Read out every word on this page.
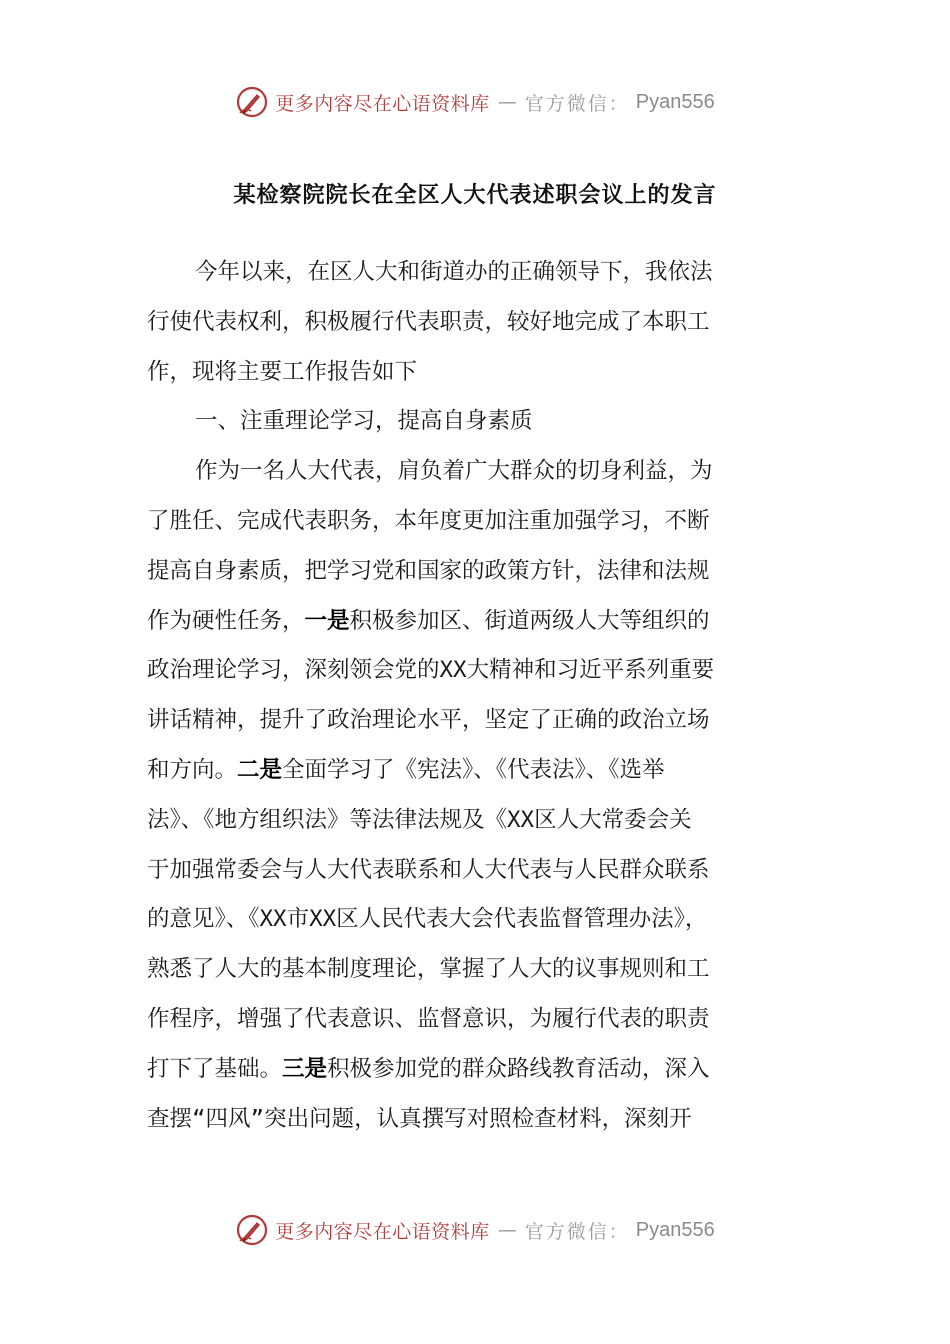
更多内容尽在心语资料库 — 官方微信： Pyan556
某检察院院长在全区人大代表述职会议上的发言
今年以来，在区人大和街道办的正确领导下，我依法
行使代表权利，积极履行代表职责，较好地完成了本职工
作，现将主要工作报告如下
一、注重理论学习，提高自身素质
作为一名人大代表，肩负着广大群众的切身利益，为
了胜任、完成代表职务，本年度更加注重加强学习，不断
提高自身素质，把学习党和国家的政策方针，法律和法规
作为硬性任务，一是积极参加区、街道两级人大等组织的
政治理论学习，深刻领会党的XX大精神和习近平系列重要
讲话精神，提升了政治理论水平，坚定了正确的政治立场
和方向。二是全面学习了《宪法》、《代表法》、《选举
法》、《地方组织法》等法律法规及《XX区人大常委会关
于加强常委会与人大代表联系和人大代表与人民群众联系
的意见》、《XX市XX区人民代表大会代表监督管理办法》，
熟悉了人大的基本制度理论，掌握了人大的议事规则和工
作程序，增强了代表意识、监督意识，为履行代表的职责
打下了基础。三是积极参加党的群众路线教育活动，深入
查摆“四风”突出问题，认真撰写对照检查材料，深刻开
更多内容尽在心语资料库 — 官方微信： Pyan556
